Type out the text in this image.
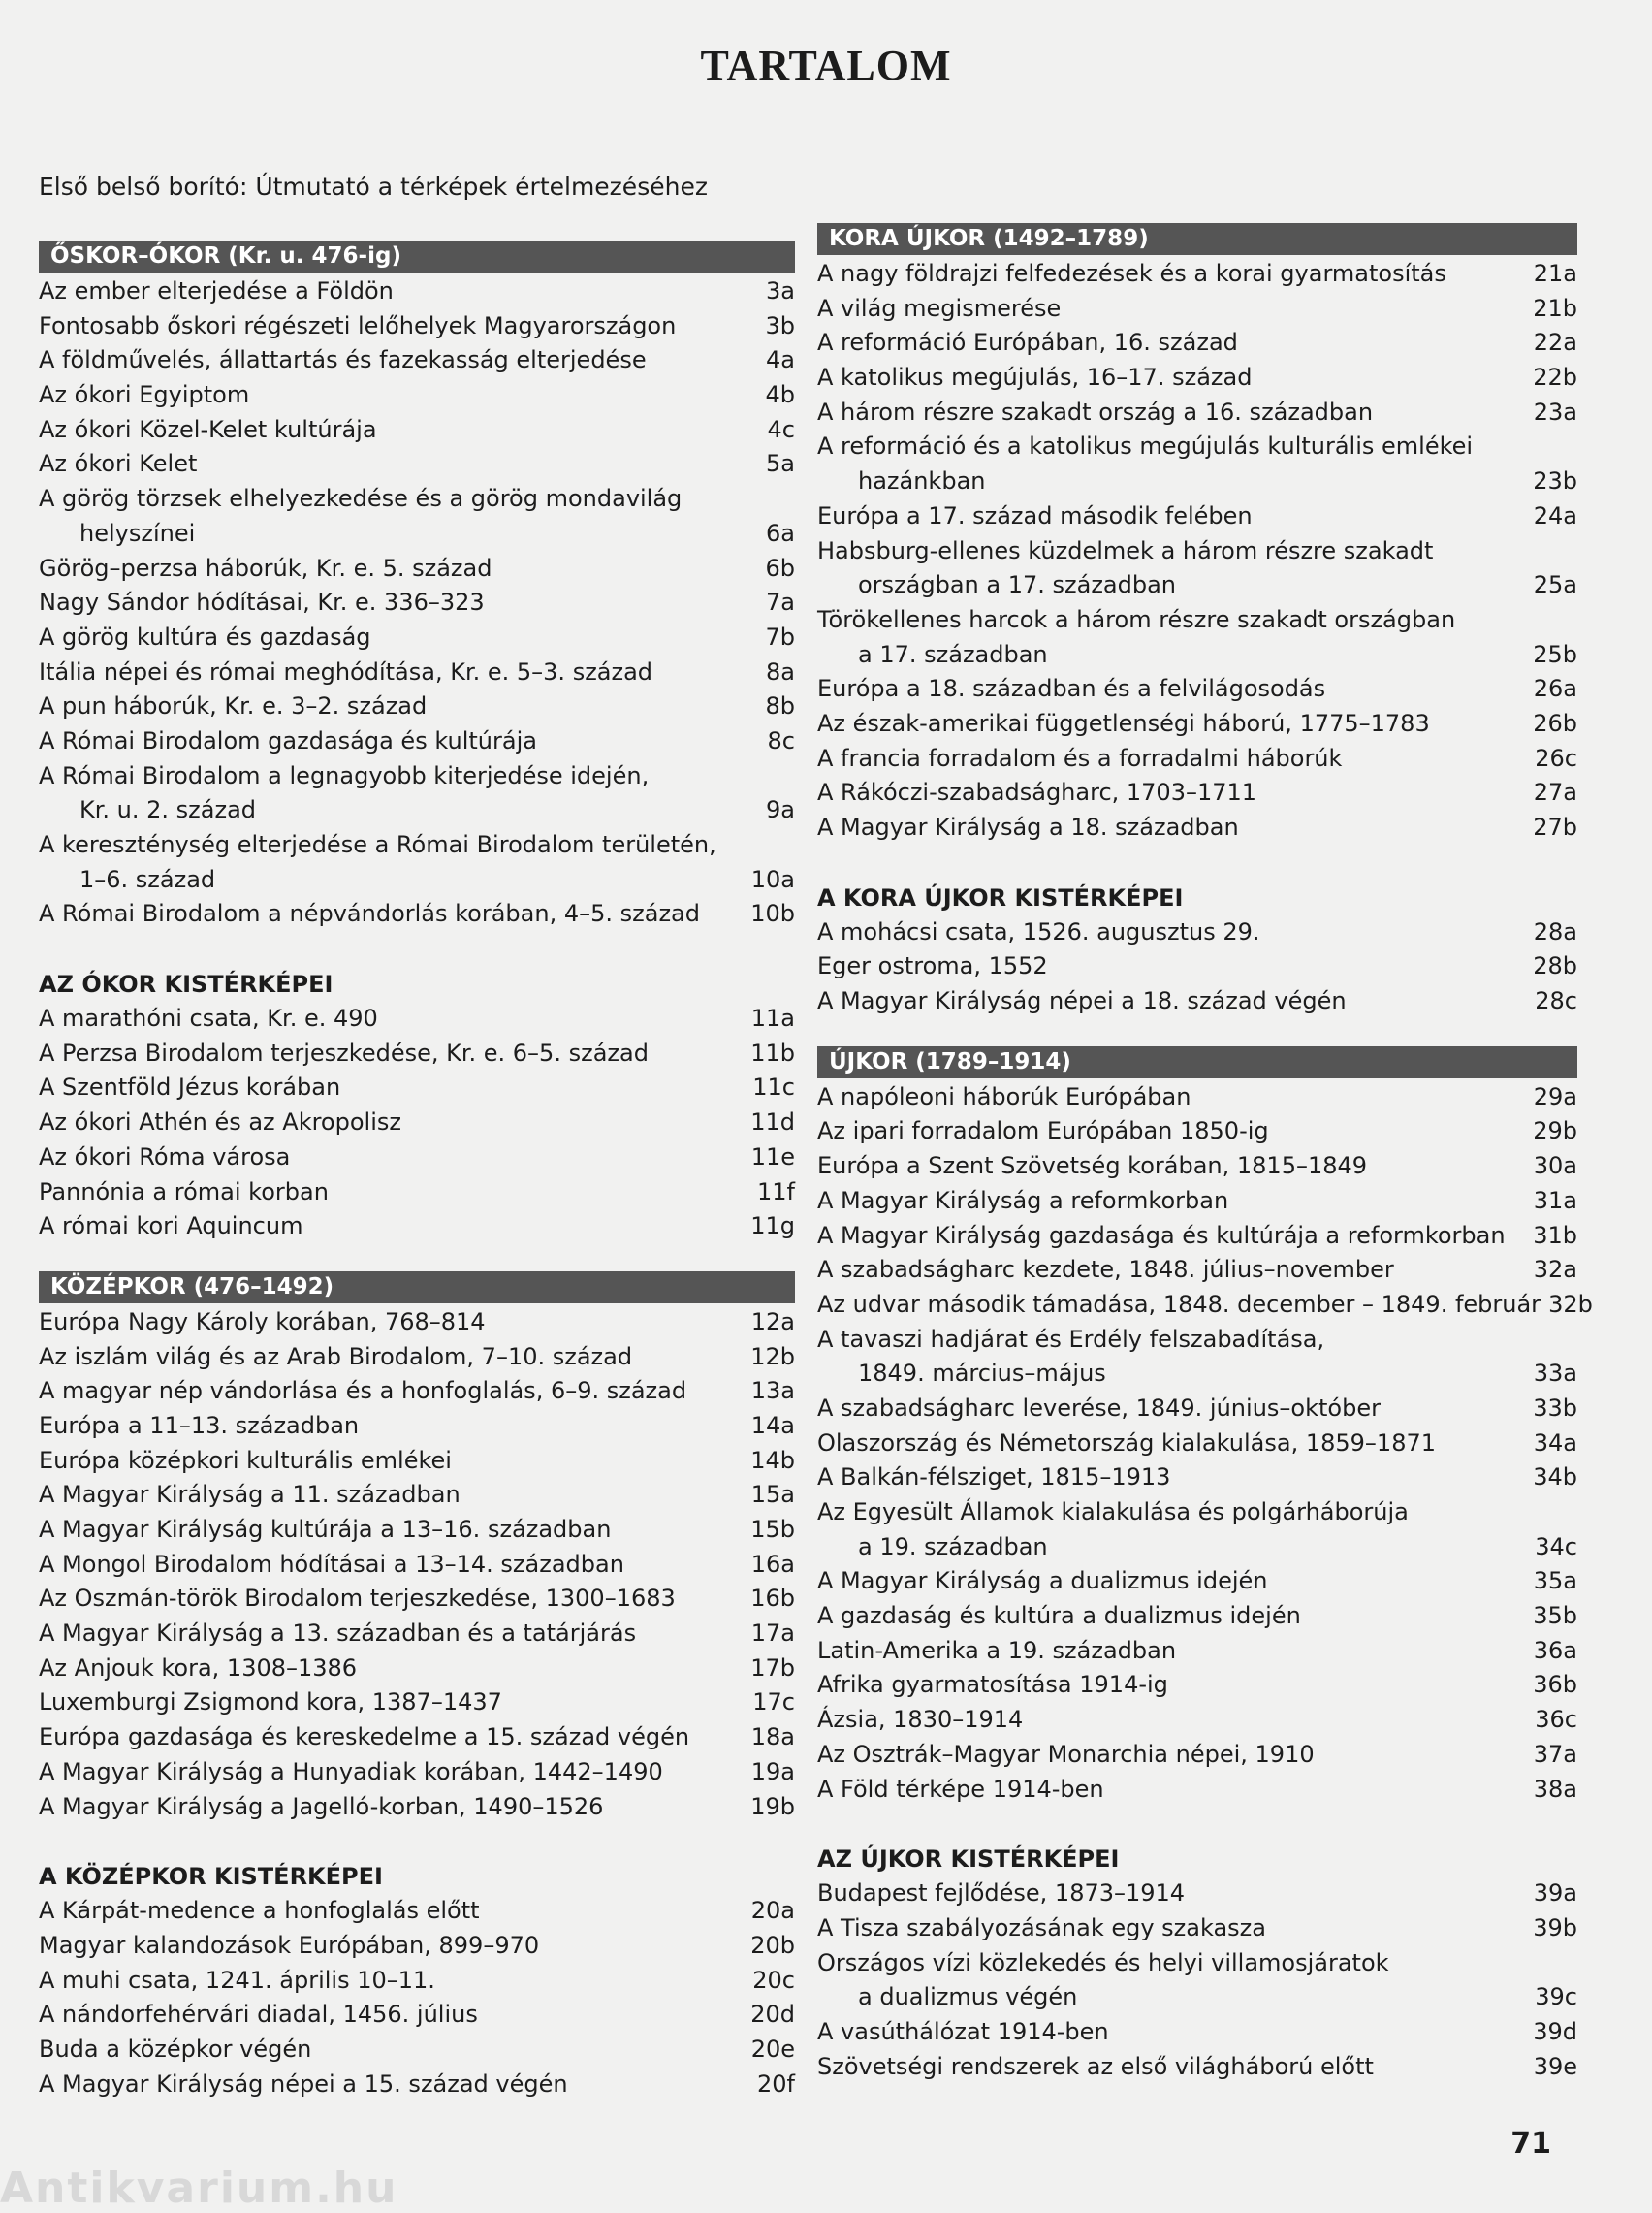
TARTALOM
Első belső borító: Útmutató a térképek értelmezéséhez
ŐSKOR–ÓKOR (Kr. u. 476-ig)
Az ember elterjedése a Földön .....	3a
Fontosabb őskori régészeti lelőhelyek Magyarországon .....	3b
A földművelés, állattartás és fazekasság elterjedése .....	4a
Az ókori Egyiptom .....	4b
Az ókori Közel-Kelet kultúrája .....	4c
Az ókori Kelet .....	5a
A görög törzsek elhelyezkedése és a görög mondavilág
helyszínei .....	6a
Görög–perzsa háborúk, Kr. e. 5. század .....	6b
Nagy Sándor hódításai, Kr. e. 336–323 .....	7a
A görög kultúra és gazdaság .....	7b
Itália népei és római meghódítása, Kr. e. 5–3. század .....	8a
A pun háborúk, Kr. e. 3–2. század .....	8b
A Római Birodalom gazdasága és kultúrája .....	8c
A Római Birodalom a legnagyobb kiterjedése idején,
Kr. u. 2. század .....	9a
A kereszténység elterjedése a Római Birodalom területén,
1–6. század .....	10a
A Római Birodalom a népvándorlás korában, 4–5. század ..... 10b
AZ ÓKOR KISTÉRKÉPEI
A marathóni csata, Kr. e. 490 .....	11a
A Perzsa Birodalom terjeszkedése, Kr. e. 6–5. század .....	11b
A Szentföld Jézus korában .....	11c
Az ókori Athén és az Akropolisz .....	11d
Az ókori Róma városa .....	11e
Pannónia a római korban .....	11f
A római kori Aquincum .....	11g
KÖZÉPKOR (476–1492)
Európa Nagy Károly korában, 768–814 .....	12a
Az iszlám világ és az Arab Birodalom, 7–10. század .....	12b
A magyar nép vándorlása és a honfoglalás, 6–9. század .....	13a
Európa a 11–13. században .....	14a
Európa középkori kulturális emlékei .....	14b
A Magyar Királyság a 11. században .....	15a
A Magyar Királyság kultúrája a 13–16. században .....	15b
A Mongol Birodalom hódításai a 13–14. században .....	16a
Az Oszmán-török Birodalom terjeszkedése, 1300–1683 .....	16b
A Magyar Királyság a 13. században és a tatárjárás .....	17a
Az Anjouk kora, 1308–1386 .....	17b
Luxemburgi Zsigmond kora, 1387–1437 .....	17c
Európa gazdasága és kereskedelme a 15. század végén .....	18a
A Magyar Királyság a Hunyadiak korában, 1442–1490 .....	19a
A Magyar Királyság a Jagelló-korban, 1490–1526 .....	19b
A KÖZÉPKOR KISTÉRKÉPEI
A Kárpát-medence a honfoglalás előtt .....	20a
Magyar kalandozások Európában, 899–970 .....	20b
A muhi csata, 1241. április 10–11. .....	20c
A nándorfehérvári diadal, 1456. július .....	20d
Buda a középkor végén .....	20e
A Magyar Királyság népei a 15. század végén .....	20f
KORA ÚJKOR (1492–1789)
A nagy földrajzi felfedezések és a korai gyarmatosítás .....	21a
A világ megismerése .....	21b
A reformáció Európában, 16. század .....	22a
A katolikus megújulás, 16–17. század .....	22b
A három részre szakadt ország a 16. században .....	23a
A reformáció és a katolikus megújulás kulturális emlékei
hazánkban .....	23b
Európa a 17. század második felében .....	24a
Habsburg-ellenes küzdelmek a három részre szakadt
országban a 17. században .....	25a
Törökellenes harcok a három részre szakadt országban
a 17. században .....	25b
Európa a 18. században és a felvilágosodás .....	26a
Az észak-amerikai függetlenségi háború, 1775–1783 .....	26b
A francia forradalom és a forradalmi háborúk .....	26c
A Rákóczi-szabadságharc, 1703–1711 .....	27a
A Magyar Királyság a 18. században .....	27b
A KORA ÚJKOR KISTÉRKÉPEI
A mohácsi csata, 1526. augusztus 29. .....	28a
Eger ostroma, 1552 .....	28b
A Magyar Királyság népei a 18. század végén .....	28c
ÚJKOR (1789–1914)
A napóleoni háborúk Európában .....	29a
Az ipari forradalom Európában 1850-ig .....	29b
Európa a Szent Szövetség korában, 1815–1849 .....	30a
A Magyar Királyság a reformkorban .....	31a
A Magyar Királyság gazdasága és kultúrája a reformkorban ..... 31b
A szabadságharc kezdete, 1848. július–november .....	32a
Az udvar második támadása, 1848. december – 1849. február 32b
A tavaszi hadjárat és Erdély felszabadítása,
1849. március–május .....	33a
A szabadságharc leverése, 1849. június–október .....	33b
Olaszország és Németország kialakulása, 1859–1871 .....	34a
A Balkán-félsziget, 1815–1913 .....	34b
Az Egyesült Államok kialakulása és polgárháborúja
a 19. században .....	34c
A Magyar Királyság a dualizmus idején .....	35a
A gazdaság és kultúra a dualizmus idején .....	35b
Latin-Amerika a 19. században .....	36a
Afrika gyarmatosítása 1914-ig .....	36b
Ázsia, 1830–1914 .....	36c
Az Osztrák–Magyar Monarchia népei, 1910 .....	37a
A Föld térképe 1914-ben .....	38a
AZ ÚJKOR KISTÉRKÉPEI
Budapest fejlődése, 1873–1914 .....	39a
A Tisza szabályozásának egy szakasza .....	39b
Országos vízi közlekedés és helyi villamosjáratok
a dualizmus végén .....	39c
A vasúthálózat 1914-ben .....	39d
Szövetségi rendszerek az első világháború előtt .....	39e
71
Antikvarium.hu
